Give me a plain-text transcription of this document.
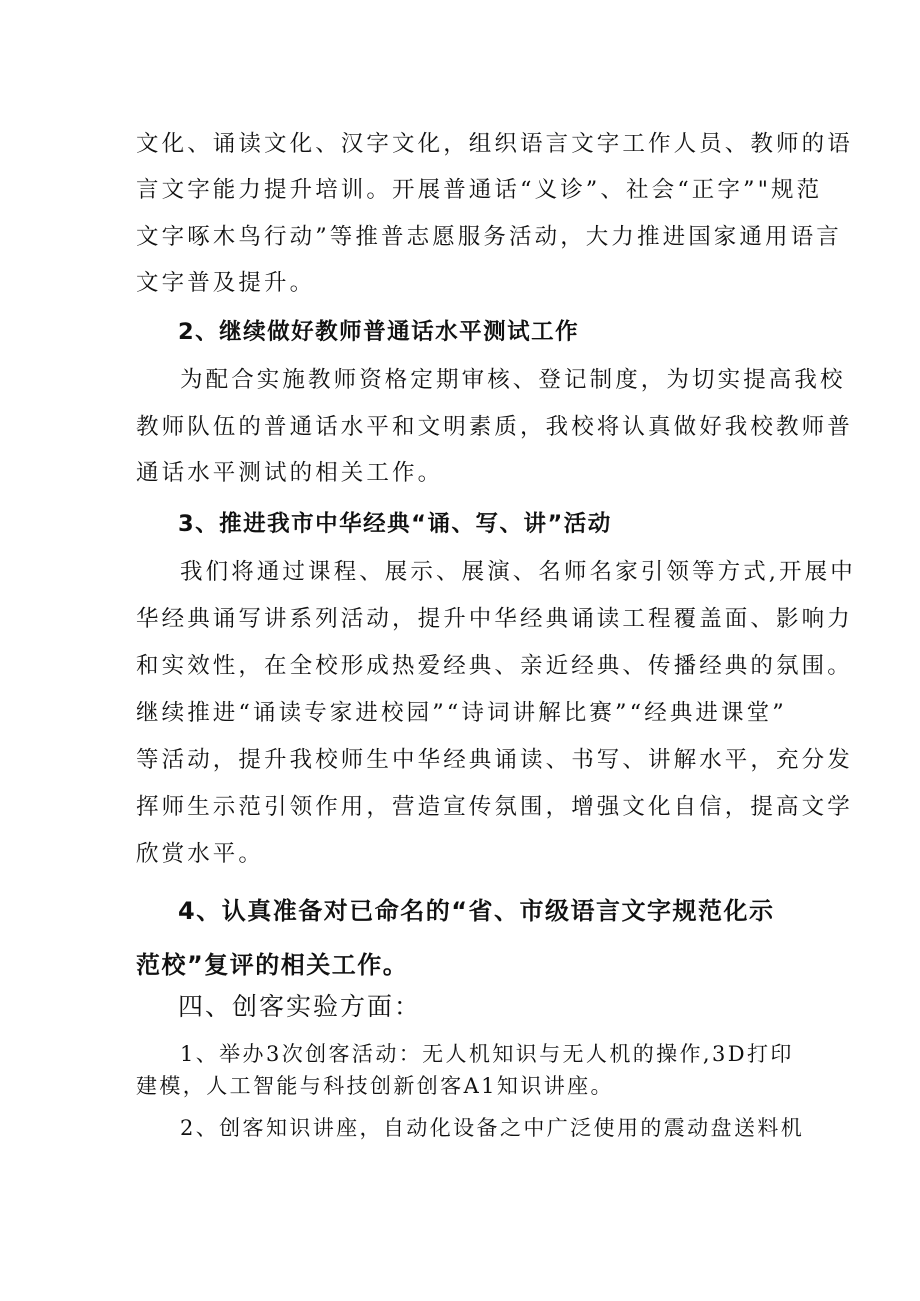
文化、诵读文化、汉字文化，组织语言文字工作人员、教师的语
言文字能力提升培训。开展普通话“义诊”、社会“正字”"规范
文字啄木鸟行动”等推普志愿服务活动，大力推进国家通用语言
文字普及提升。
2、继续做好教师普通话水平测试工作
为配合实施教师资格定期审核、登记制度，为切实提高我校
教师队伍的普通话水平和文明素质，我校将认真做好我校教师普
通话水平测试的相关工作。
3、推进我市中华经典“诵、写、讲”活动
我们将通过课程、展示、展演、名师名家引领等方式,开展中
华经典诵写讲系列活动，提升中华经典诵读工程覆盖面、影响力
和实效性，在全校形成热爱经典、亲近经典、传播经典的氛围。
继续推进“诵读专家进校园”“诗词讲解比赛”“经典进课堂”
等活动，提升我校师生中华经典诵读、书写、讲解水平，充分发
挥师生示范引领作用，营造宣传氛围，增强文化自信，提高文学
欣赏水平。
4、认真准备对已命名的“省、市级语言文字规范化示
范校”复评的相关工作。
四、创客实验方面：
1、举办3次创客活动：无人机知识与无人机的操作,3D打印
建模，人工智能与科技创新创客A1知识讲座。
2、创客知识讲座，自动化设备之中广泛使用的震动盘送料机
